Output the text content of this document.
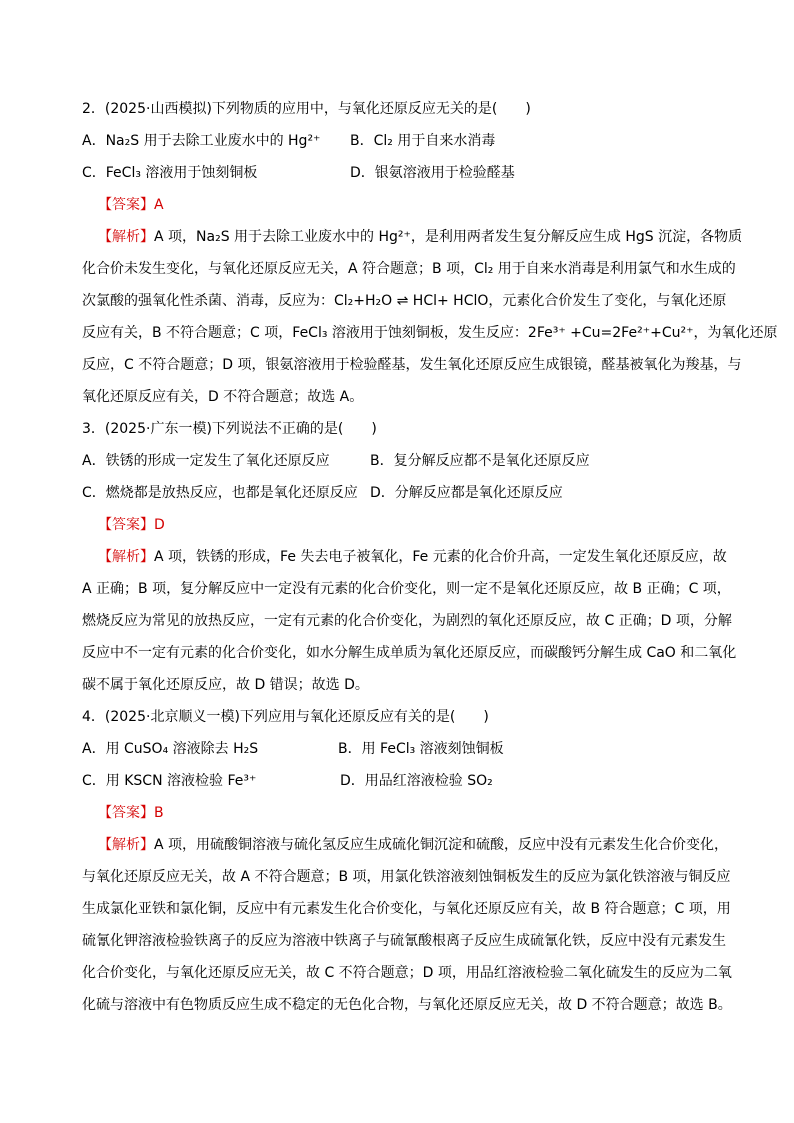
2．(2025·山西模拟)下列物质的应用中，与氧化还原反应无关的是(　　)
A．Na₂S 用于去除工业废水中的 Hg²⁺	B．Cl₂ 用于自来水消毒
C．FeCl₃ 溶液用于蚀刻铜板	D．银氨溶液用于检验醛基
【答案】A
【解析】A 项，Na₂S 用于去除工业废水中的 Hg²⁺，是利用两者发生复分解反应生成 HgS 沉淀，各物质
化合价未发生变化，与氧化还原反应无关，A 符合题意；B 项，Cl₂ 用于自来水消毒是利用氯气和水生成的
次氯酸的强氧化性杀菌、消毒，反应为：Cl₂+H₂O ⇌ HCl+ HClO，元素化合价发生了变化，与氧化还原
反应有关，B 不符合题意；C 项，FeCl₃ 溶液用于蚀刻铜板，发生反应：2Fe³⁺ +Cu=2Fe²⁺+Cu²⁺，为氧化还原
反应，C 不符合题意；D 项，银氨溶液用于检验醛基，发生氧化还原反应生成银镜，醛基被氧化为羧基，与
氧化还原反应有关，D 不符合题意；故选 A。
3．(2025·广东一模)下列说法不正确的是(　　)
A．铁锈的形成一定发生了氧化还原反应	B．复分解反应都不是氧化还原反应
C．燃烧都是放热反应，也都是氧化还原反应 D．分解反应都是氧化还原反应
【答案】D
【解析】A 项，铁锈的形成，Fe 失去电子被氧化，Fe 元素的化合价升高，一定发生氧化还原反应，故
A 正确；B 项，复分解反应中一定没有元素的化合价变化，则一定不是氧化还原反应，故 B 正确；C 项，
燃烧反应为常见的放热反应，一定有元素的化合价变化，为剧烈的氧化还原反应，故 C 正确；D 项，分解
反应中不一定有元素的化合价变化，如水分解生成单质为氧化还原反应，而碳酸钙分解生成 CaO 和二氧化
碳不属于氧化还原反应，故 D 错误；故选 D。
4．(2025·北京顺义一模)下列应用与氧化还原反应有关的是(　　)
A．用 CuSO₄ 溶液除去 H₂S	B．用 FeCl₃ 溶液刻蚀铜板
C．用 KSCN 溶液检验 Fe³⁺	D．用品红溶液检验 SO₂
【答案】B
【解析】A 项，用硫酸铜溶液与硫化氢反应生成硫化铜沉淀和硫酸，反应中没有元素发生化合价变化，
与氧化还原反应无关，故 A 不符合题意；B 项，用氯化铁溶液刻蚀铜板发生的反应为氯化铁溶液与铜反应
生成氯化亚铁和氯化铜，反应中有元素发生化合价变化，与氧化还原反应有关，故 B 符合题意；C 项，用
硫氰化钾溶液检验铁离子的反应为溶液中铁离子与硫氰酸根离子反应生成硫氰化铁，反应中没有元素发生
化合价变化，与氧化还原反应无关，故 C 不符合题意；D 项，用品红溶液检验二氧化硫发生的反应为二氧
化硫与溶液中有色物质反应生成不稳定的无色化合物，与氧化还原反应无关，故 D 不符合题意；故选 B。
